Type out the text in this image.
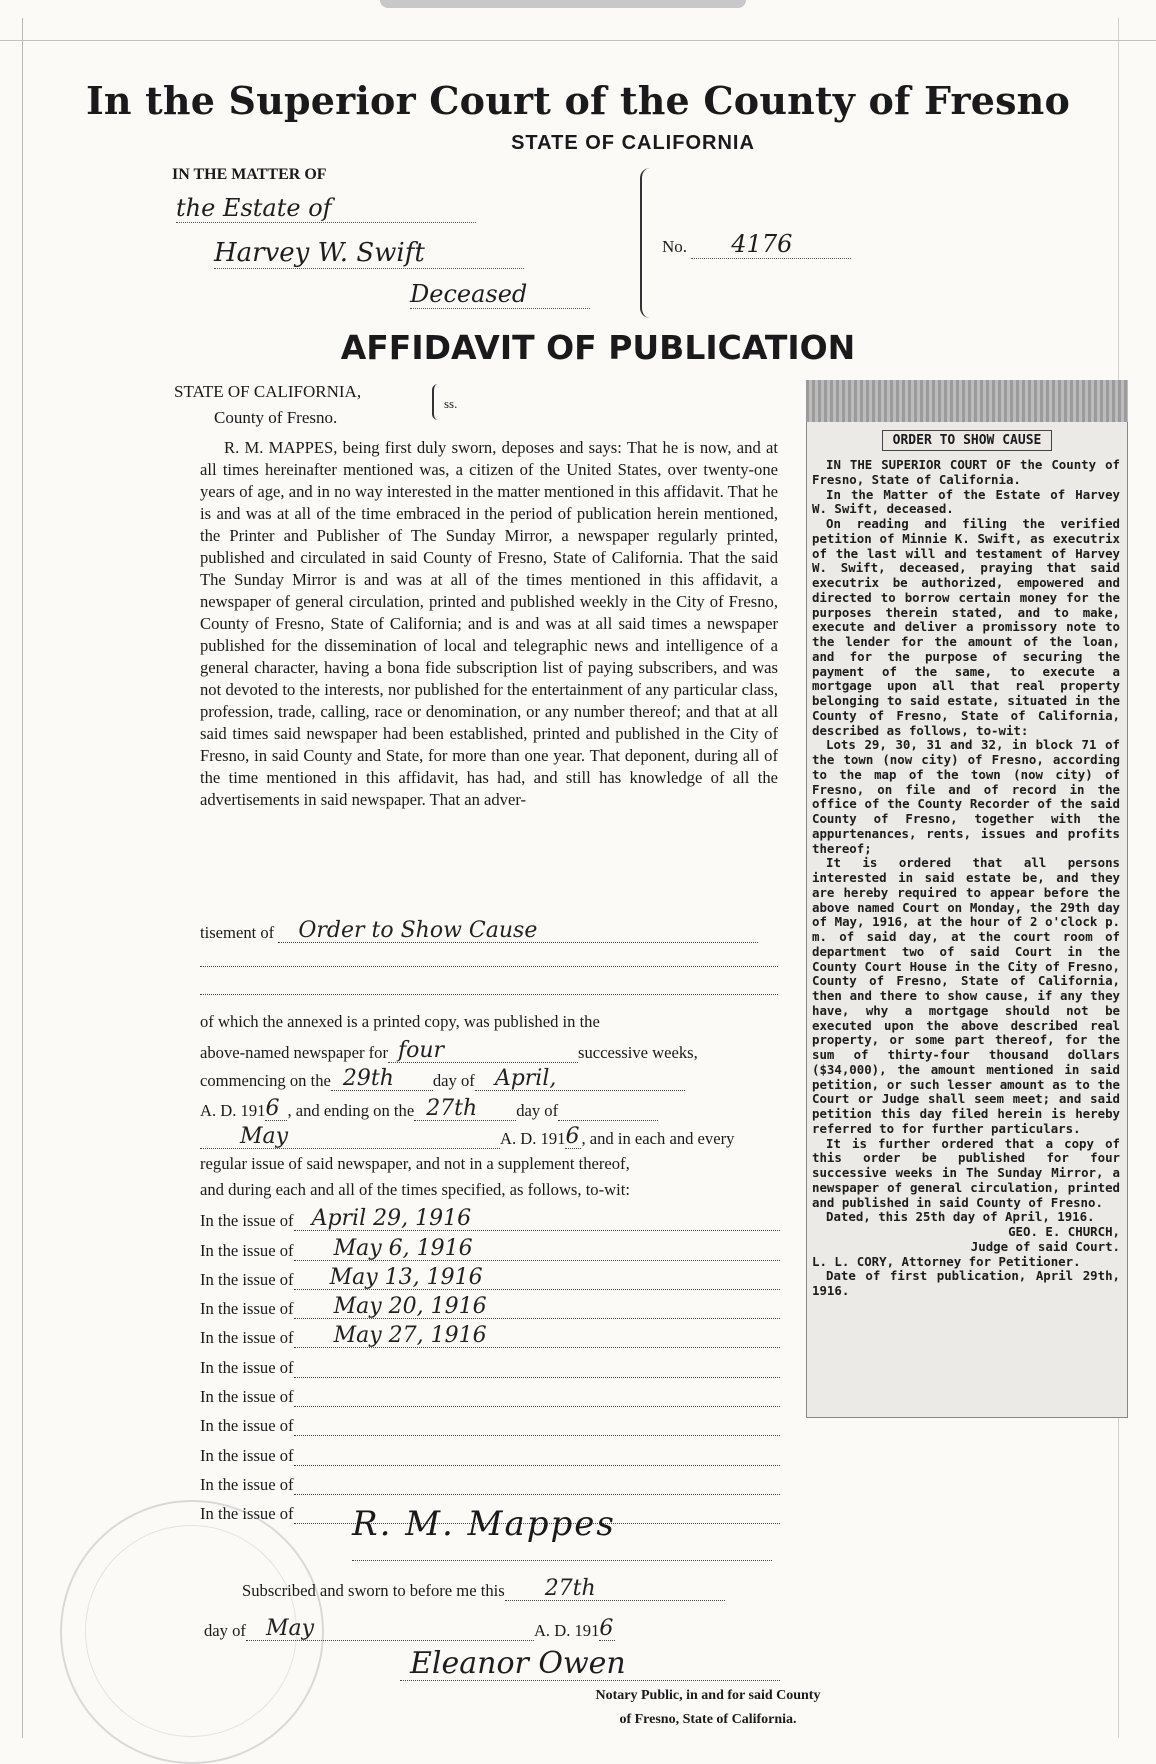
In the Superior Court of the County of Fresno
STATE OF CALIFORNIA
IN THE MATTER OF
the Estate of
Harvey W. Swift
Deceased
No. 4176
AFFIDAVIT OF PUBLICATION
STATE OF CALIFORNIA,
County of Fresno.
ss.

R. M. MAPPES, being first duly sworn, deposes and says: That he is now, and at all times hereinafter mentioned was, a citizen of the United States, over twenty-one years of age, and in no way interested in the matter mentioned in this affidavit. That he is and was at all of the time embraced in the period of publication herein mentioned, the Printer and Publisher of The Sunday Mirror, a newspaper regularly printed, published and circulated in said County of Fresno, State of California. That the said The Sunday Mirror is and was at all of the times mentioned in this affidavit, a newspaper of general circulation, printed and published weekly in the City of Fresno, County of Fresno, State of California; and is and was at all said times a newspaper published for the dissemination of local and telegraphic news and intelligence of a general character, having a bona fide subscription list of paying subscribers, and was not devoted to the interests, nor published for the entertainment of any particular class, profession, trade, calling, race or denomination, or any number thereof; and that at all said times said newspaper had been established, printed and published in the City of Fresno, in said County and State, for more than one year. That deponent, during all of the time mentioned in this affidavit, has had, and still has knowledge of all the advertisements in said newspaper. That an adver-

tisement of Order to Show Cause
of which the annexed is a printed copy, was published in the
above-named newspaper for four	successive weeks,
commencing on the 29th day of April,
A. D. 1916 , and ending on the 27th day of
May	A. D. 1916 , and in each and every
regular issue of said newspaper, and not in a supplement thereof,
and during each and all of the times specified, as follows, to-wit:
In the issue of April 29, 1916
In the issue of	May 6, 1916
In the issue of	May 13, 1916
In the issue of	May 20, 1916
In the issue of	May 27, 1916
In the issue of
In the issue of
In the issue of
In the issue of
In the issue of
In the issue of R. M. Mappes
Subscribed and sworn to before me this 27th
day of May	A. D. 1916
Eleanor Owen
Notary Public, in and for said County
of Fresno, State of California.
ORDER TO SHOW CAUSE

IN THE SUPERIOR COURT OF the County of Fresno, State of California.

In the Matter of the Estate of Harvey W. Swift, deceased.

On reading and filing the verified petition of Minnie K. Swift, as executrix of the last will and testament of Harvey W. Swift, deceased, praying that said executrix be authorized, empowered and directed to borrow certain money for the purposes therein stated, and to make, execute and deliver a promissory note to the lender for the amount of the loan, and for the purpose of securing the payment of the same, to execute a mortgage upon all that real property belonging to said estate, situated in the County of Fresno, State of California, described as follows, to-wit:

Lots 29, 30, 31 and 32, in block 71 of the town (now city) of Fresno, according to the map of the town (now city) of Fresno, on file and of record in the office of the County Recorder of the said County of Fresno, together with the appurtenances, rents, issues and profits thereof;

It is ordered that all persons interested in said estate be, and they are hereby required to appear before the above named Court on Monday, the 29th day of May, 1916, at the hour of 2 o'clock p. m. of said day, at the court room of department two of said Court in the County Court House in the City of Fresno, County of Fresno, State of California, then and there to show cause, if any they have, why a mortgage should not be executed upon the above described real property, or some part thereof, for the sum of thirty-four thousand dollars ($34,000), the amount mentioned in said petition, or such lesser amount as to the Court or Judge shall seem meet; and said petition this day filed herein is hereby referred to for further particulars.

It is further ordered that a copy of this order be published for four successive weeks in The Sunday Mirror, a newspaper of general circulation, printed and published in said County of Fresno.

Dated, this 25th day of April, 1916.

GEO. E. CHURCH,
Judge of said Court.

L. L. CORY, Attorney for Petitioner.

Date of first publication, April 29th, 1916.
